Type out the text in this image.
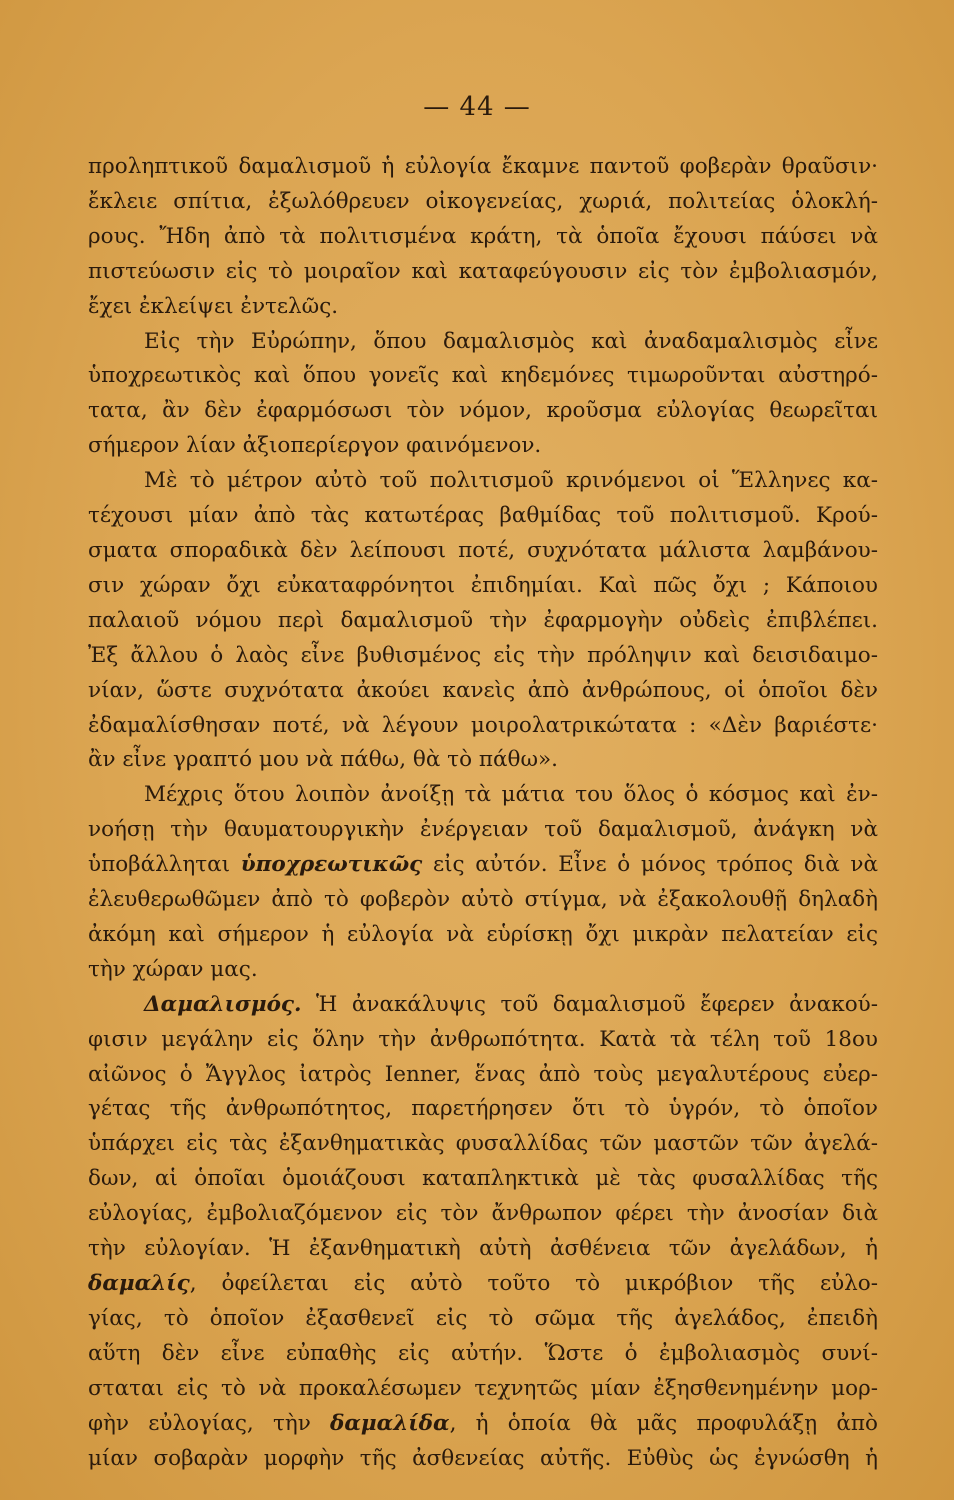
— 44 —
προληπτικοῦ δαμαλισμοῦ ἡ εὐλογία ἔκαμνε παντοῦ φοβερὰν θραῦσιν·
ἔκλειε σπίτια, ἐξωλόθρευεν οἰκογενείας, χωριά, πολιτείας ὁλοκλή-
ρους. Ἤδη ἀπὸ τὰ πολιτισμένα κράτη, τὰ ὁποῖα ἔχουσι πάύσει νὰ
πιστεύωσιν εἰς τὸ μοιραῖον καὶ καταφεύγουσιν εἰς τὸν ἐμβολιασμόν,
ἔχει ἐκλείψει ἐντελῶς.
Εἰς τὴν Εὐρώπην, ὅπου δαμαλισμὸς καὶ ἀναδαμαλισμὸς εἶνε
ὑποχρεωτικὸς καὶ ὅπου γονεῖς καὶ κηδεμόνες τιμωροῦνται αὐστηρό-
τατα, ἂν δὲν ἐφαρμόσωσι τὸν νόμον, κροῦσμα εὐλογίας θεωρεῖται
σήμερον λίαν ἀξιοπερίεργον φαινόμενον.
Μὲ τὸ μέτρον αὐτὸ τοῦ πολιτισμοῦ κρινόμενοι οἱ Ἕλληνες κα-
τέχουσι μίαν ἀπὸ τὰς κατωτέρας βαθμίδας τοῦ πολιτισμοῦ. Κρού-
σματα σποραδικὰ δὲν λείπουσι ποτέ, συχνότατα μάλιστα λαμβάνου-
σιν χώραν ὄχι εὐκαταφρόνητοι ἐπιδημίαι. Καὶ πῶς ὄχι ; Κάποιου
παλαιοῦ νόμου περὶ δαμαλισμοῦ τὴν ἐφαρμογὴν οὐδεὶς ἐπιβλέπει.
Ἐξ ἄλλου ὁ λαὸς εἶνε βυθισμένος εἰς τὴν πρόληψιν καὶ δεισιδαιμο-
νίαν, ὥστε συχνότατα ἀκούει κανεὶς ἀπὸ ἀνθρώπους, οἱ ὁποῖοι δὲν
ἐδαμαλίσθησαν ποτέ, νὰ λέγουν μοιρολατρικώτατα : «Δὲν βαριέστε·
ἂν εἶνε γραπτό μου νὰ πάθω, θὰ τὸ πάθω».
Μέχρις ὅτου λοιπὸν ἀνοίξῃ τὰ μάτια του ὅλος ὁ κόσμος καὶ ἐν-
νοήσῃ τὴν θαυματουργικὴν ἐνέργειαν τοῦ δαμαλισμοῦ, ἀνάγκη νὰ
ὑποβάλληται ὑποχρεωτικῶς εἰς αὐτόν. Εἶνε ὁ μόνος τρόπος διὰ νὰ
ἐλευθερωθῶμεν ἀπὸ τὸ φοβερὸν αὐτὸ στίγμα, νὰ ἐξακολουθῇ δηλαδὴ
ἀκόμη καὶ σήμερον ἡ εὐλογία νὰ εὑρίσκῃ ὄχι μικρὰν πελατείαν εἰς
τὴν χώραν μας.
Δαμαλισμός. Ἡ ἀνακάλυψις τοῦ δαμαλισμοῦ ἔφερεν ἀνακού-
φισιν μεγάλην εἰς ὅλην τὴν ἀνθρωπότητα. Κατὰ τὰ τέλη τοῦ 18ου
αἰῶνος ὁ Ἄγγλος ἰατρὸς Ienner, ἕνας ἀπὸ τοὺς μεγαλυτέρους εὐερ-
γέτας τῆς ἀνθρωπότητος, παρετήρησεν ὅτι τὸ ὑγρόν, τὸ ὁποῖον
ὑπάρχει εἰς τὰς ἐξανθηματικὰς φυσαλλίδας τῶν μαστῶν τῶν ἀγελά-
δων, αἱ ὁποῖαι ὁμοιάζουσι καταπληκτικὰ μὲ τὰς φυσαλλίδας τῆς
εὐλογίας, ἐμβολιαζόμενον εἰς τὸν ἄνθρωπον φέρει τὴν ἀνοσίαν διὰ
τὴν εὐλογίαν. Ἡ ἐξανθηματικὴ αὐτὴ ἀσθένεια τῶν ἀγελάδων, ἡ
δαμαλίς, ὀφείλεται εἰς αὐτὸ τοῦτο τὸ μικρόβιον τῆς εὐλο-
γίας, τὸ ὁποῖον ἐξασθενεῖ εἰς τὸ σῶμα τῆς ἀγελάδος, ἐπειδὴ
αὕτη δὲν εἶνε εὐπαθὴς εἰς αὐτήν. Ὥστε ὁ ἐμβολιασμὸς συνί-
σταται εἰς τὸ νὰ προκαλέσωμεν τεχνητῶς μίαν ἐξησθενημένην μορ-
φὴν εὐλογίας, τὴν δαμαλίδα, ἡ ὁποία θὰ μᾶς προφυλάξῃ ἀπὸ
μίαν σοβαρὰν μορφὴν τῆς ἀσθενείας αὐτῆς. Εὐθὺς ὡς ἐγνώσθη ἡ
